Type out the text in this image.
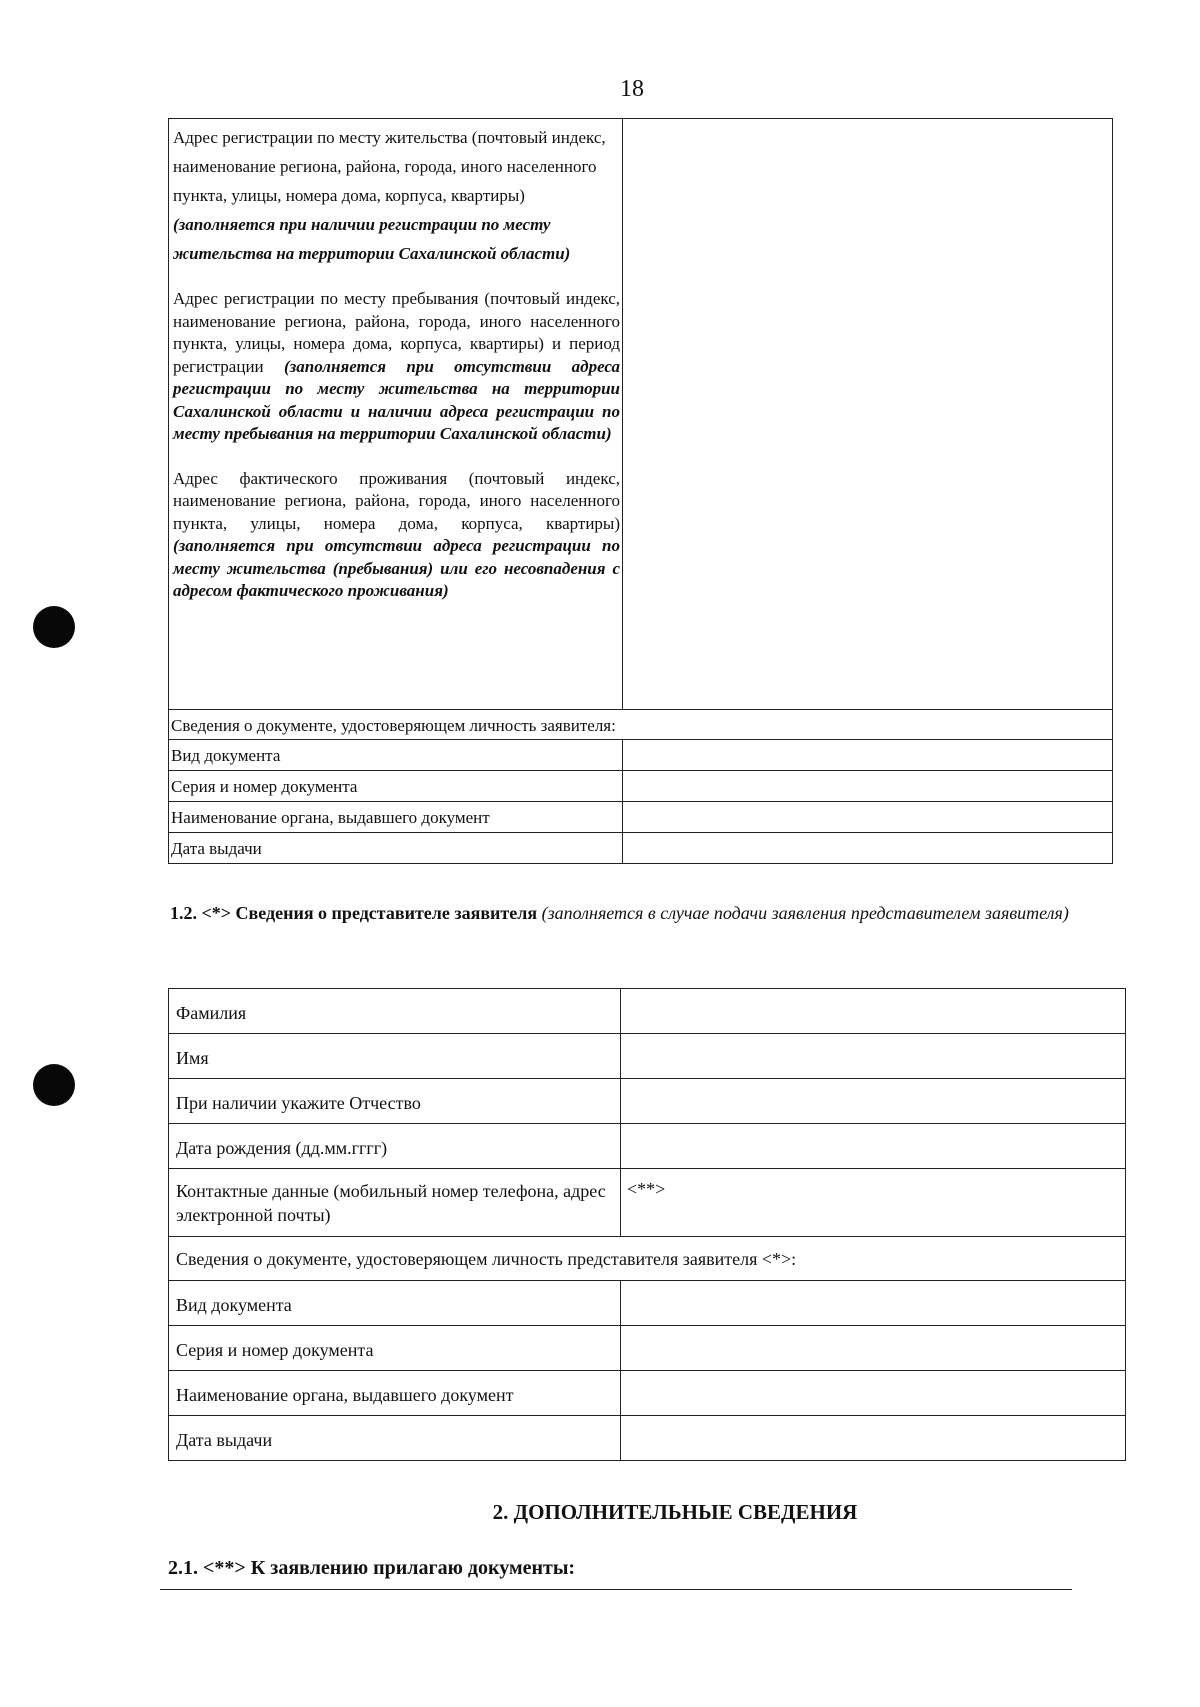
18
Адрес регистрации по месту жительства (почтовый индекс, наименование региона, района, города, иного населенного пункта, улицы, номера дома, корпуса, квартиры) (заполняется при наличии регистрации по месту жительства на территории Сахалинской области)
Адрес регистрации по месту пребывания (почтовый индекс, наименование региона, района, города, иного населенного пункта, улицы, номера дома, корпуса, квартиры) и период регистрации (заполняется при отсутствии адреса регистрации по месту жительства на территории Сахалинской области и наличии адреса регистрации по месту пребывания на территории Сахалинской области)
Адрес фактического проживания (почтовый индекс, наименование региона, района, города, иного населенного пункта, улицы, номера дома, корпуса, квартиры) (заполняется при отсутствии адреса регистрации по месту жительства (пребывания) или его несовпадения с адресом фактического проживания)
Сведения о документе, удостоверяющем личность заявителя:
Вид документа
Серия и номер документа
Наименование органа, выдавшего документ
Дата выдачи
1.2. <*> Сведения о представителе заявителя (заполняется в случае подачи заявления представителем заявителя)
Фамилия
Имя
При наличии укажите Отчество
Дата рождения (дд.мм.гггг)
Контактные данные (мобильный номер телефона, адрес электронной почты)
<**>
Сведения о документе, удостоверяющем личность представителя заявителя <*>:
Вид документа
Серия и номер документа
Наименование органа, выдавшего документ
Дата выдачи
2. ДОПОЛНИТЕЛЬНЫЕ СВЕДЕНИЯ
2.1. <**> К заявлению прилагаю документы:
